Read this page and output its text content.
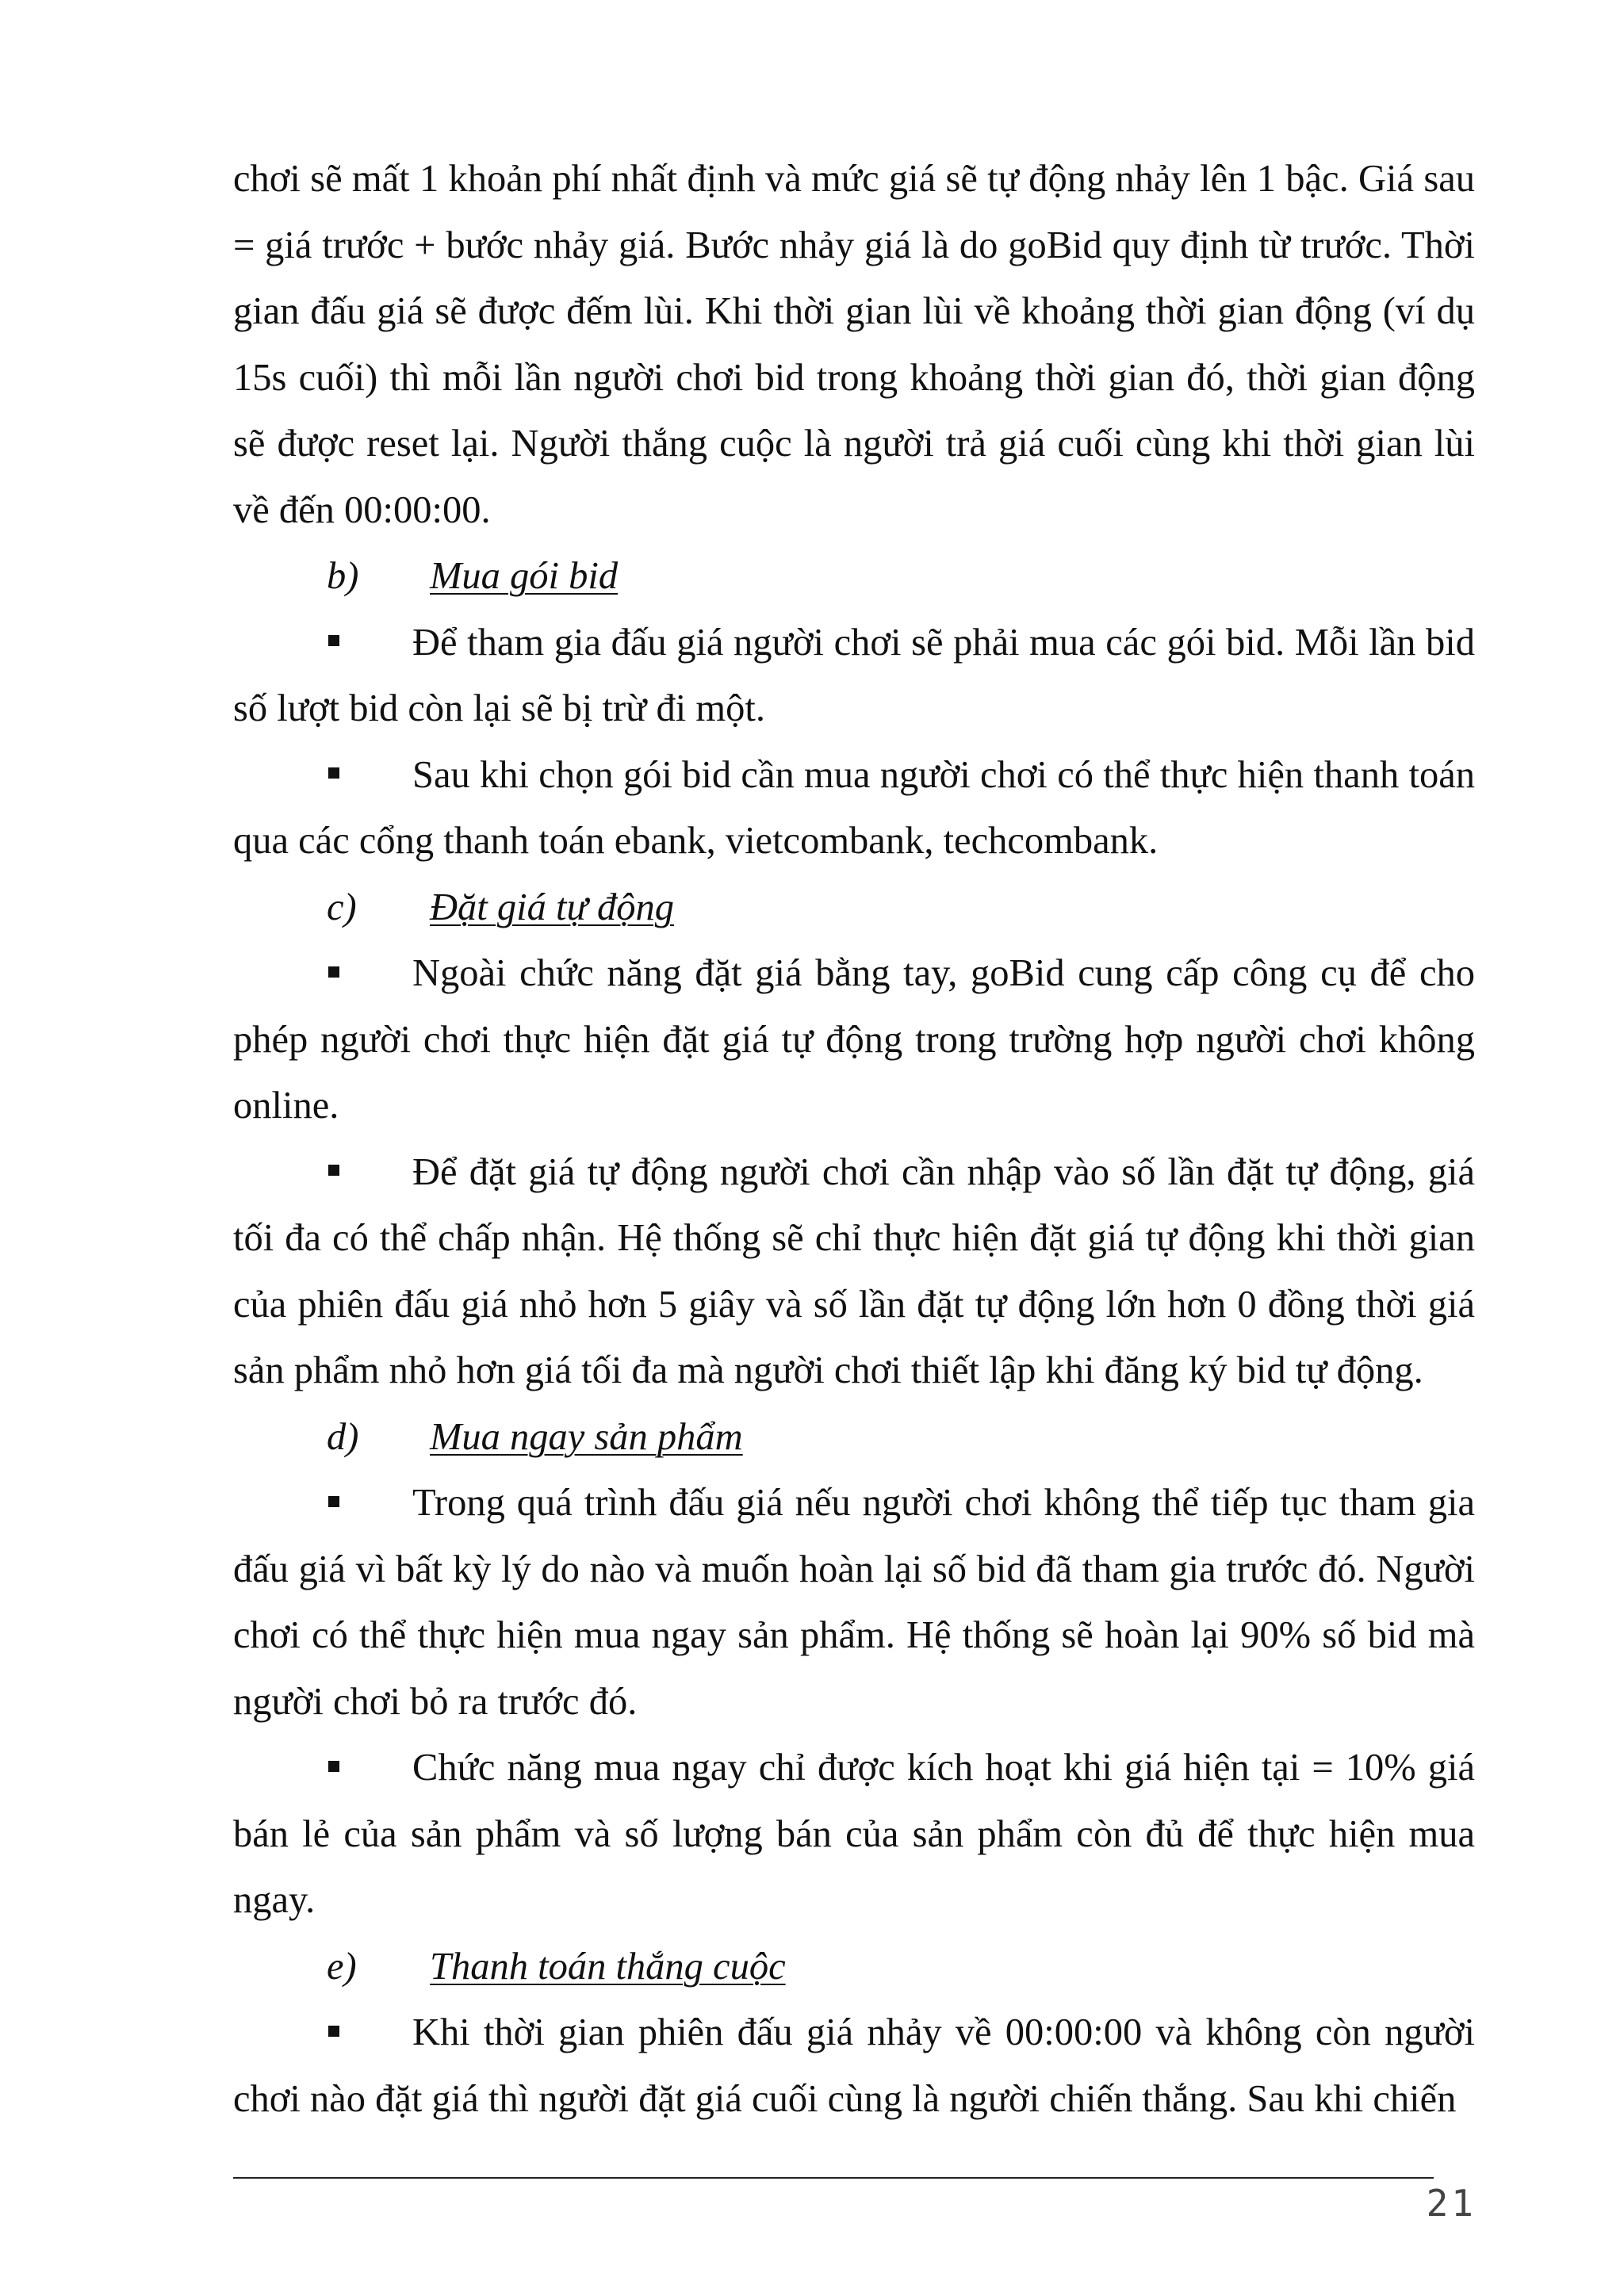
chơi sẽ mất 1 khoản phí nhất định và mức giá sẽ tự động nhảy lên 1 bậc. Giá sau = giá trước + bước nhảy giá. Bước nhảy giá là do goBid quy định từ trước. Thời gian đấu giá sẽ được đếm lùi. Khi thời gian lùi về khoảng thời gian động (ví dụ 15s cuối) thì mỗi lần người chơi bid trong khoảng thời gian đó, thời gian động sẽ được reset lại. Người thắng cuộc là người trả giá cuối cùng khi thời gian lùi về đến 00:00:00.

b) Mua gói bid

Để tham gia đấu giá người chơi sẽ phải mua các gói bid. Mỗi lần bid số lượt bid còn lại sẽ bị trừ đi một.

Sau khi chọn gói bid cần mua người chơi có thể thực hiện thanh toán qua các cổng thanh toán ebank, vietcombank, techcombank.

c) Đặt giá tự động

Ngoài chức năng đặt giá bằng tay, goBid cung cấp công cụ để cho phép người chơi thực hiện đặt giá tự động trong trường hợp người chơi không online.

Để đặt giá tự động người chơi cần nhập vào số lần đặt tự động, giá tối đa có thể chấp nhận. Hệ thống sẽ chỉ thực hiện đặt giá tự động khi thời gian của phiên đấu giá nhỏ hơn 5 giây và số lần đặt tự động lớn hơn 0 đồng thời giá sản phẩm nhỏ hơn giá tối đa mà người chơi thiết lập khi đăng ký bid tự động.

d) Mua ngay sản phẩm

Trong quá trình đấu giá nếu người chơi không thể tiếp tục tham gia đấu giá vì bất kỳ lý do nào và muốn hoàn lại số bid đã tham gia trước đó. Người chơi có thể thực hiện mua ngay sản phẩm. Hệ thống sẽ hoàn lại 90% số bid mà người chơi bỏ ra trước đó.

Chức năng mua ngay chỉ được kích hoạt khi giá hiện tại = 10% giá bán lẻ của sản phẩm và số lượng bán của sản phẩm còn đủ để thực hiện mua ngay.

e) Thanh toán thắng cuộc

Khi thời gian phiên đấu giá nhảy về 00:00:00 và không còn người chơi nào đặt giá thì người đặt giá cuối cùng là người chiến thắng. Sau khi chiến

21
